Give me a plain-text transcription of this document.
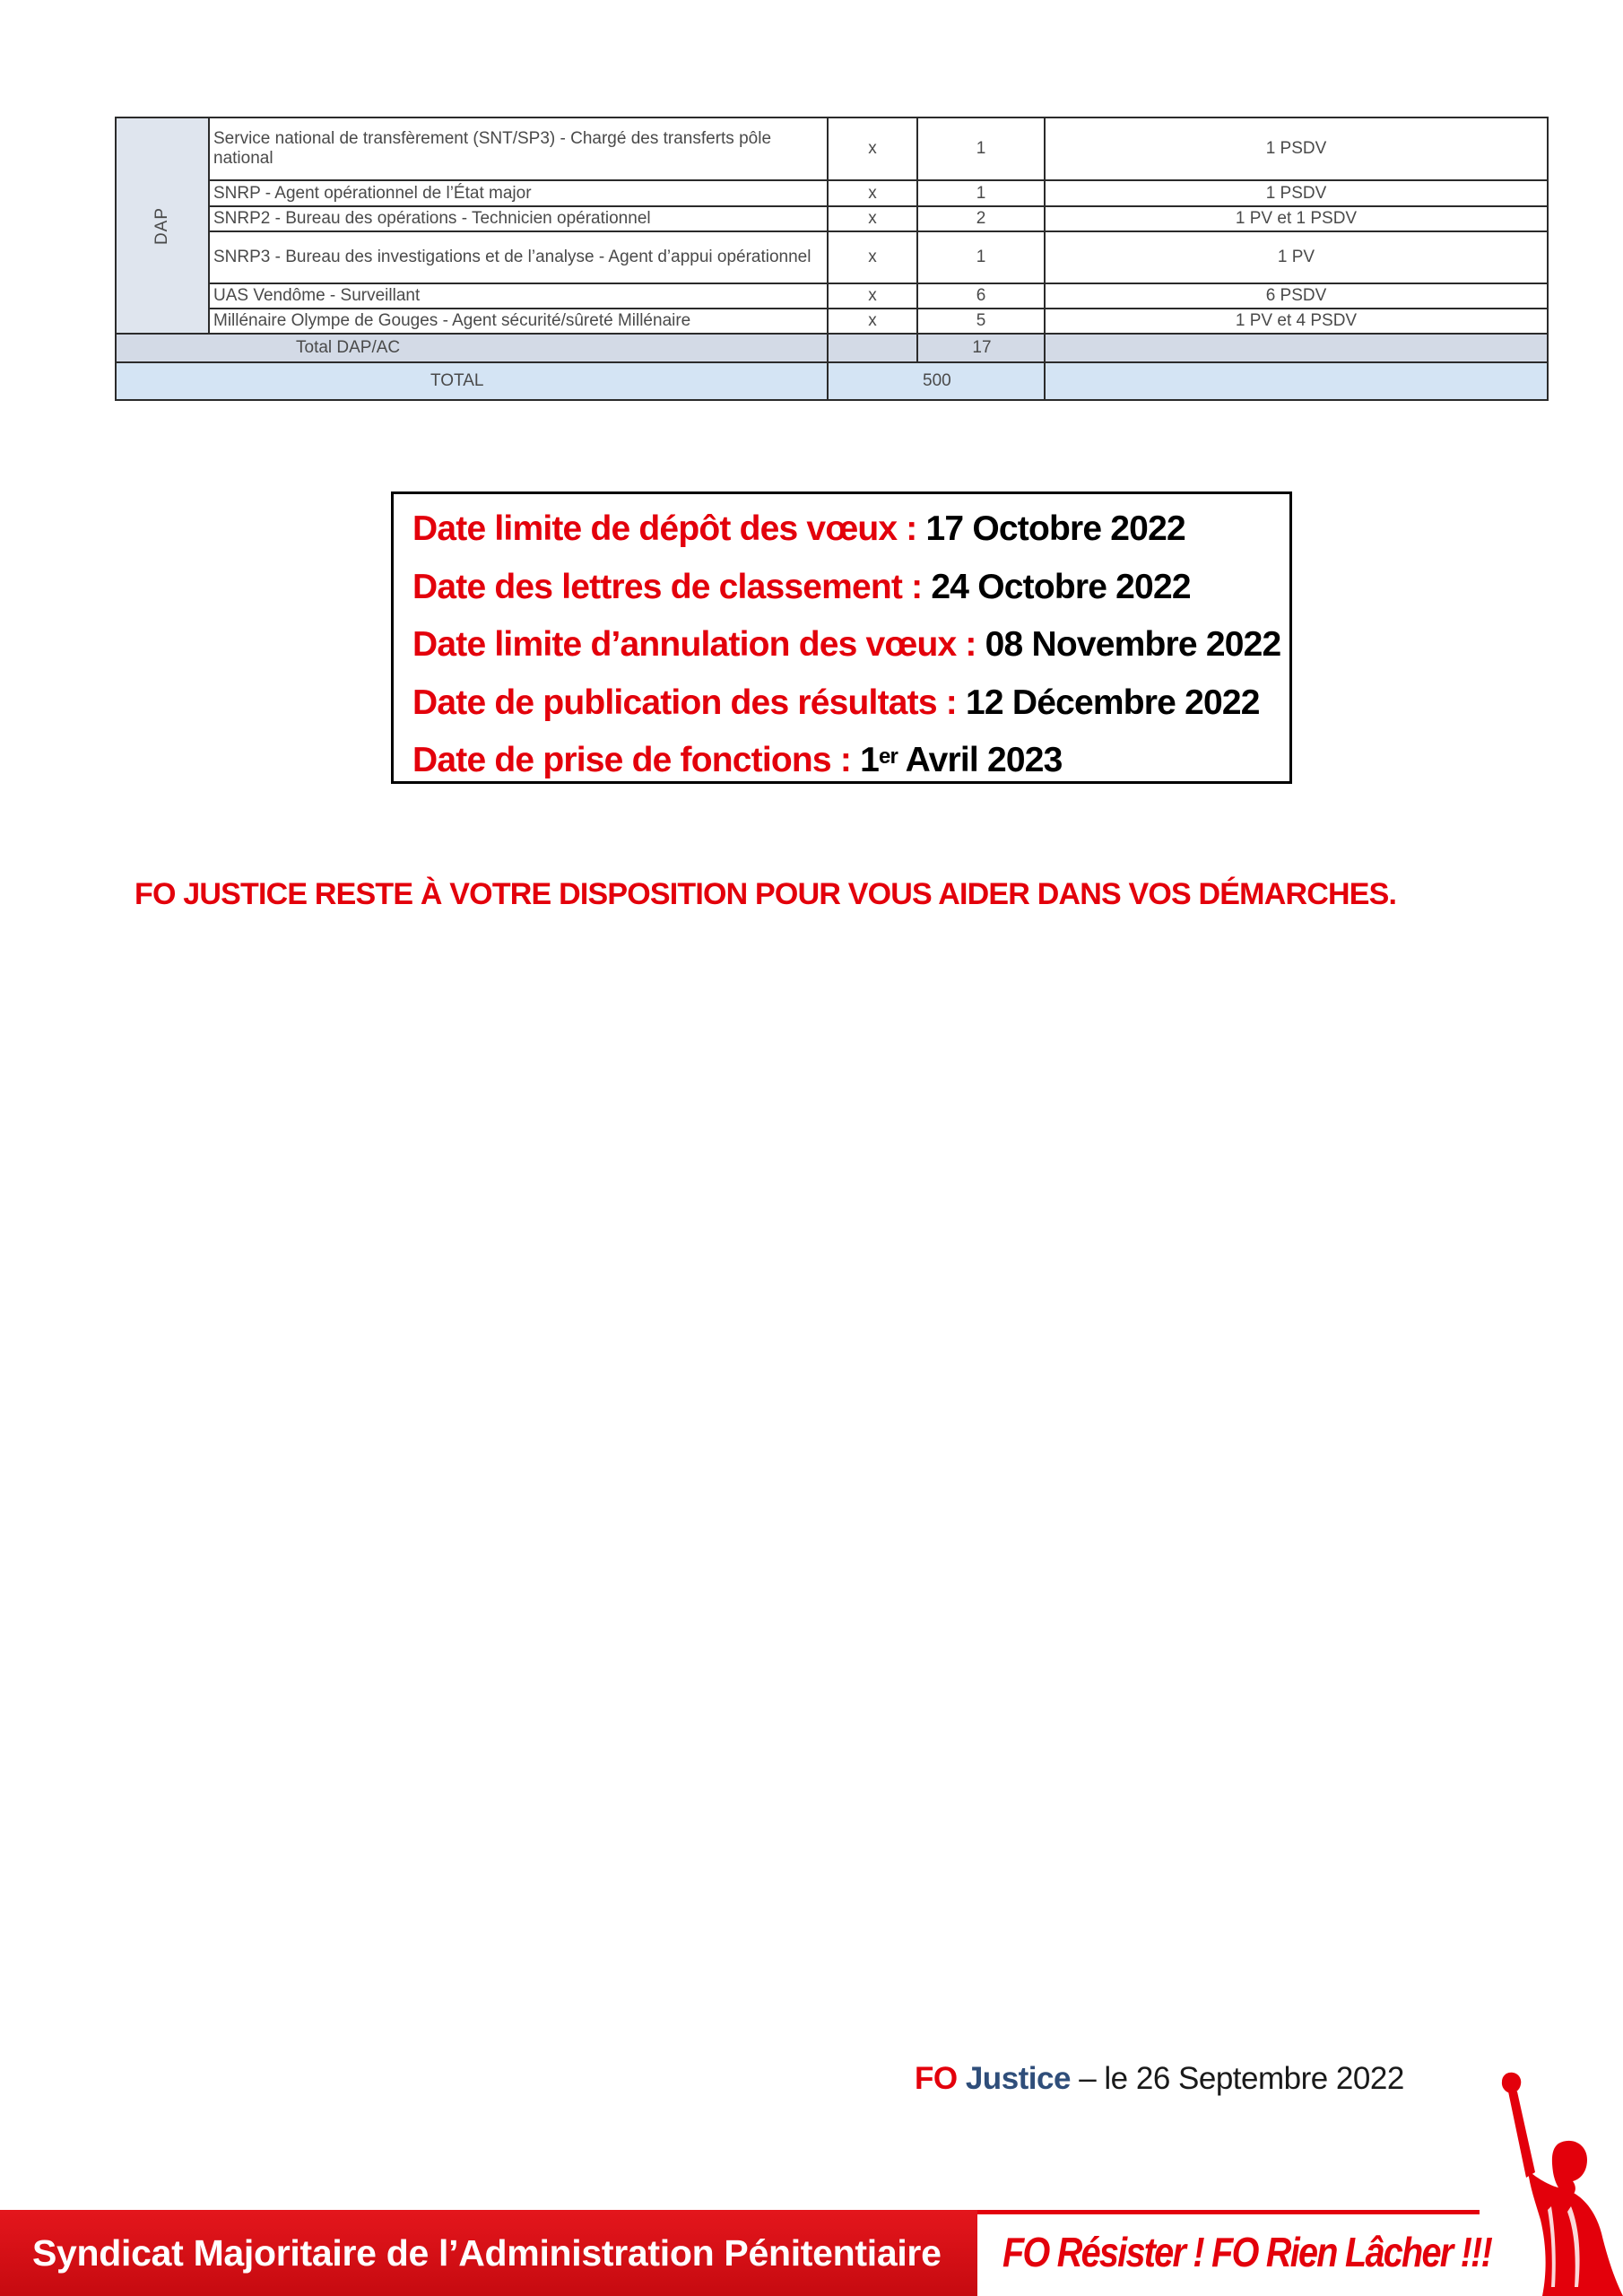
DAP	Service national de transfèrement (SNT/SP3) - Chargé des transferts pôle national	x	1	1 PSDV
	SNRP - Agent opérationnel de l’État major	x	1	1 PSDV
	SNRP2 - Bureau des opérations - Technicien opérationnel	x	2	1 PV et 1 PSDV
	SNRP3 - Bureau des investigations et de l’analyse - Agent d’appui opérationnel	x	1	1 PV
	UAS Vendôme - Surveillant	x	6	6 PSDV
	Millénaire Olympe de Gouges - Agent sécurité/sûreté Millénaire	x	5	1 PV et 4 PSDV
Total DAP/AC			17	
TOTAL		500		
Date limite de dépôt des vœux : 17 Octobre 2022
Date des lettres de classement : 24 Octobre 2022
Date limite d’annulation des vœux : 08 Novembre 2022
Date de publication des résultats : 12 Décembre 2022
Date de prise de fonctions : 1er Avril 2023
FO JUSTICE RESTE À VOTRE DISPOSITION POUR VOUS AIDER DANS VOS DÉMARCHES.
FO Justice – le 26 Septembre 2022
Syndicat Majoritaire de l’Administration Pénitentiaire	FO Résister ! FO Rien Lâcher !!!
